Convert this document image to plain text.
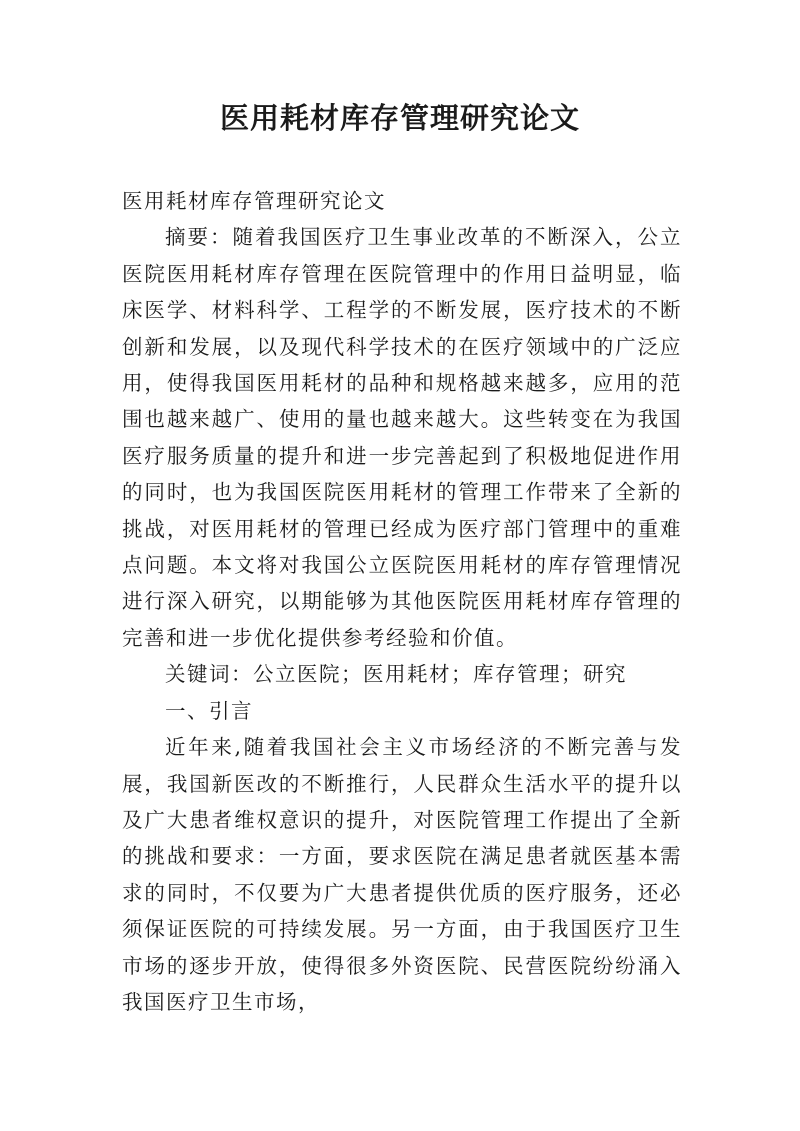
医用耗材库存管理研究论文

医用耗材库存管理研究论文

摘要：随着我国医疗卫生事业改革的不断深入，公立医院医用耗材库存管理在医院管理中的作用日益明显，临床医学、材料科学、工程学的不断发展，医疗技术的不断创新和发展，以及现代科学技术的在医疗领域中的广泛应用，使得我国医用耗材的品种和规格越来越多，应用的范围也越来越广、使用的量也越来越大。这些转变在为我国医疗服务质量的提升和进一步完善起到了积极地促进作用的同时，也为我国医院医用耗材的管理工作带来了全新的挑战，对医用耗材的管理已经成为医疗部门管理中的重难点问题。本文将对我国公立医院医用耗材的库存管理情况进行深入研究，以期能够为其他医院医用耗材库存管理的完善和进一步优化提供参考经验和价值。

关键词：公立医院；医用耗材；库存管理；研究

一、引言

近年来,随着我国社会主义市场经济的不断完善与发展，我国新医改的不断推行，人民群众生活水平的提升以及广大患者维权意识的提升，对医院管理工作提出了全新的挑战和要求：一方面，要求医院在满足患者就医基本需求的同时，不仅要为广大患者提供优质的医疗服务，还必须保证医院的可持续发展。另一方面，由于我国医疗卫生市场的逐步开放，使得很多外资医院、民营医院纷纷涌入我国医疗卫生市场，
